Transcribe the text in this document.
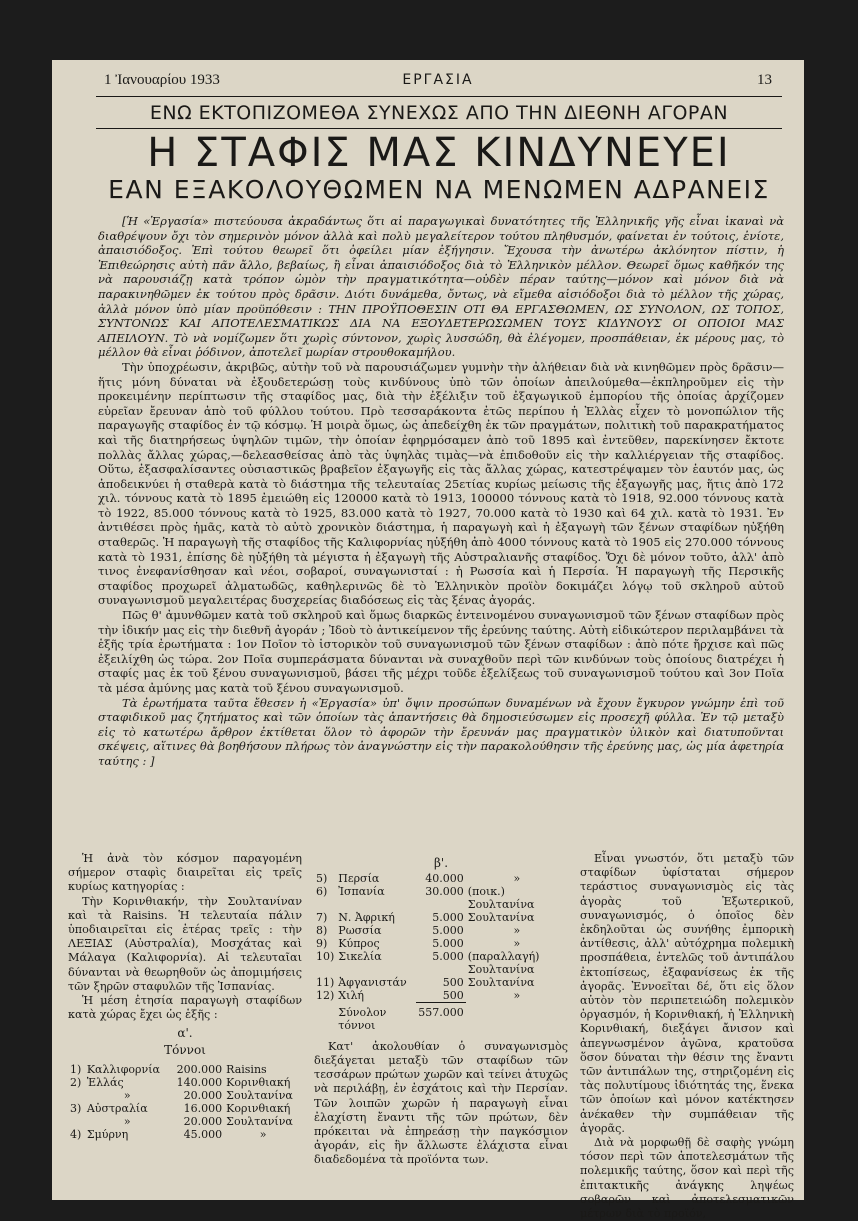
1 Ἰανουαρίου 1933	ΕΡΓΑΣΙΑ	13
ΕΝΩ ΕΚΤΟΠΙΖΟΜΕΘΑ ΣΥΝΕΧΩΣ ΑΠΟ ΤΗΝ ΔΙΕΘΝΗ ΑΓΟΡΑΝ
Η ΣΤΑΦΙΣ ΜΑΣ ΚΙΝΔΥΝΕΥΕΙ
ΕΑΝ ΕΞΑΚΟΛΟΥΘΩΜΕΝ ΝΑ ΜΕΝΩΜΕΝ ΑΔΡΑΝΕΙΣ

[Ἡ «Ἐργασία» πιστεύουσα ἀκραδάντως ὅτι αἱ παραγωγικαὶ δυνατότητες τῆς Ἑλληνικῆς γῆς εἶναι ἱκαναὶ νὰ διαθρέψουν ὄχι τὸν σημερινὸν μόνον ἀλλὰ καὶ πολὺ μεγαλείτερον τούτου πληθυσμόν, φαίνεται ἐν τούτοις, ἐνίοτε, ἀπαισιόδοξος. Ἐπὶ τούτου θεωρεῖ ὅτι ὀφείλει μίαν ἐξήγησιν. Ἔχουσα τὴν ἀνωτέρω ἀκλόνητον πίστιν, ἡ Ἐπιθεώρησις αὐτὴ πᾶν ἄλλο, βεβαίως, ἢ εἶναι ἀπαισιόδοξος διὰ τὸ Ἑλληνικὸν μέλλον. Θεωρεῖ ὅμως καθῆκόν της νὰ παρουσιάζῃ κατὰ τρόπον ὠμὸν τὴν πραγματικότητα—οὐδὲν πέραν ταύτης—μόνον καὶ μόνον διὰ νὰ παρακινηθῶμεν ἐκ τούτου πρὸς δρᾶσιν. Διότι δυνάμεθα, ὄντως, νὰ εἴμεθα αἰσιόδοξοι διὰ τὸ μέλλον τῆς χώρας, ἀλλὰ μόνον ὑπὸ μίαν προϋπόθεσιν : ΤΗΝ ΠΡΟΫΠΟΘΕΣΙΝ ΟΤΙ ΘΑ ΕΡΓΑΣΘΩΜΕΝ, ΩΣ ΣΥΝΟΛΟΝ, ΩΣ ΤΟΠΟΣ, ΣΥΝΤΟΝΩΣ ΚΑΙ ΑΠΟΤΕΛΕΣΜΑΤΙΚΩΣ ΔΙΑ ΝΑ ΕΞΟΥΔΕΤΕΡΩΣΩΜΕΝ ΤΟΥΣ ΚΙΔΥΝΟΥΣ ΟΙ ΟΠΟΙΟΙ ΜΑΣ ΑΠΕΙΛΟΥΝ. Τὸ νὰ νομίζωμεν ὅτι χωρὶς σύντονον, χωρὶς λυσσώδη, θὰ ἐλέγομεν, προσπάθειαν, ἐκ μέρους μας, τὸ μέλλον θὰ εἶναι ῥόδινον, ἀποτελεῖ μωρίαν στρουθοκαμήλου.

Τὴν ὑποχρέωσιν, ἀκριβῶς, αὐτὴν τοῦ νὰ παρουσιάζωμεν γυμνὴν τὴν ἀλήθειαν διὰ νὰ κινηθῶμεν πρὸς δρᾶσιν—ἥτις μόνη δύναται νὰ ἐξουδετερώσῃ τοὺς κινδύνους ὑπὸ τῶν ὁποίων ἀπειλούμεθα—ἐκπληροῦμεν εἰς τὴν προκειμένην περίπτωσιν τῆς σταφίδος μας, διὰ τὴν ἐξέλιξιν τοῦ ἐξαγωγικοῦ ἐμπορίου τῆς ὁποίας ἀρχίζομεν εὐρεῖαν ἔρευναν ἀπὸ τοῦ φύλλου τούτου. Πρὸ τεσσαράκοντα ἐτῶς περίπου ἡ Ἑλλὰς εἶχεν τὸ μονοπώλιον τῆς παραγωγῆς σταφίδος ἐν τῷ κόσμῳ. Ἡ μοιρὰ ὅμως, ὡς ἀπεδείχθη ἐκ τῶν πραγμάτων, πολιτικὴ τοῦ παρακρατήματος καὶ τῆς διατηρήσεως ὑψηλῶν τιμῶν, τὴν ὁποίαν ἐφηρμόσαμεν ἀπὸ τοῦ 1895 καὶ ἐντεῦθεν, παρεκίνησεν ἔκτοτε πολλὰς ἄλλας χώρας,—δελεασθείσας ἀπὸ τὰς ὑψηλὰς τιμὰς—νὰ ἐπιδοθοῦν εἰς τὴν καλλιέργειαν τῆς σταφίδος. Οὕτω, ἐξασφαλίσαντες οὐσιαστικῶς βραβεῖον ἐξαγωγῆς εἰς τὰς ἄλλας χώρας, κατεστρέψαμεν τὸν ἑαυτόν μας, ὡς ἀποδεικνύει ἡ σταθερὰ κατὰ τὸ διάστημα τῆς τελευταίας 25ετίας κυρίως μείωσις τῆς ἐξαγωγῆς μας, ἥτις ἀπὸ 172 χιλ. τόννους κατὰ τὸ 1895 ἐμειώθη εἰς 120000 κατὰ τὸ 1913, 100000 τόννους κατὰ τὸ 1918, 92.000 τόννους κατὰ τὸ 1922, 85.000 τόννους κατὰ τὸ 1925, 83.000 κατὰ τὸ 1927, 70.000 κατὰ τὸ 1930 καὶ 64 χιλ. κατὰ τὸ 1931. Ἐν ἀντιθέσει πρὸς ἡμᾶς, κατὰ τὸ αὐτὸ χρονικὸν διάστημα, ἡ παραγωγὴ καὶ ἡ ἐξαγωγὴ τῶν ξένων σταφίδων ηὐξήθη σταθερῶς. Ἡ παραγωγὴ τῆς σταφίδος τῆς Καλιφορνίας ηὐξήθη ἀπὸ 4000 τόννους κατὰ τὸ 1905 εἰς 270.000 τόννους κατὰ τὸ 1931, ἐπίσης δὲ ηὐξήθη τὰ μέγιστα ἡ ἐξαγωγὴ τῆς Αὐστραλιανῆς σταφίδος. Ὄχι δὲ μόνον τοῦτο, ἀλλ' ἀπὸ τινος ἐνεφανίσθησαν καὶ νέοι, σοβαροί, συναγωνισταί : ἡ Ρωσσία καὶ ἡ Περσία. Ἡ παραγωγὴ τῆς Περσικῆς σταφίδος προχωρεῖ ἀλματωδῶς, καθηλερινῶς δὲ τὸ Ἑλληνικὸν προϊὸν δοκιμάζει λόγῳ τοῦ σκληροῦ αὐτοῦ συναγωνισμοῦ μεγαλειτέρας δυσχερείας διαδόσεως εἰς τὰς ξένας ἀγοράς.

Πῶς θ' ἀμυνθῶμεν κατὰ τοῦ σκληροῦ καὶ ὅμως διαρκῶς ἐντεινομένου συναγωνισμοῦ τῶν ξένων σταφίδων πρὸς τὴν ἰδικήν μας εἰς τὴν διεθνῆ ἀγοράν ; Ἰδοὺ τὸ ἀντικείμενον τῆς ἐρεύνης ταύτης. Αὐτὴ εἰδικώτερον περιλαμβάνει τὰ ἑξῆς τρία ἐρωτήματα : 1ον Ποῖον τὸ ἱστορικὸν τοῦ συναγωνισμοῦ τῶν ξένων σταφίδων : ἀπὸ πότε ἤρχισε καὶ πῶς ἐξειλίχθη ὡς τώρα. 2ον Ποῖα συμπεράσματα δύνανται νὰ συναχθοῦν περὶ τῶν κινδύνων τοὺς ὁποίους διατρέχει ἡ σταφίς μας ἐκ τοῦ ξένου συναγωνισμοῦ, βάσει τῆς μέχρι τοῦδε ἐξελίξεως τοῦ συναγωνισμοῦ τούτου καὶ 3ον Ποῖα τὰ μέσα ἀμύνης μας κατὰ τοῦ ξένου συναγωνισμοῦ.

Τὰ ἐρωτήματα ταῦτα ἔθεσεν ἡ «Ἐργασία» ὑπ' ὄψιν προσώπων δυναμένων νὰ ἔχουν ἔγκυρον γνώμην ἐπὶ τοῦ σταφιδικοῦ μας ζητήματος καὶ τῶν ὁποίων τὰς ἀπαντήσεις θὰ δημοσιεύσωμεν εἰς προσεχῆ φύλλα. Ἐν τῷ μεταξὺ εἰς τὸ κατωτέρω ἄρθρον ἐκτίθεται ὅλον τὸ ἀφορῶν τὴν ἔρευνάν μας πραγματικὸν ὑλικὸν καὶ διατυποῦνται σκέψεις, αἵτινες θὰ βοηθήσουν πλήρως τὸν ἀναγνώστην εἰς τὴν παρακολούθησιν τῆς ἐρεύνης μας, ὡς μία ἀφετηρία ταύτης : ]

Ἡ ἀνὰ τὸν κόσμον παραγομένη σήμερον σταφὶς διαιρεῖται εἰς τρεῖς κυρίως κατηγορίας :

Τὴν Κορινθιακήν, τὴν Σουλτανίναν καὶ τὰ Raisins. Ἡ τελευταία πάλιν ὑποδιαιρεῖται εἰς ἑτέρας τρεῖς : τὴν ΛΕΞΙΑΣ (Αὐστραλία), Μοσχάτας καὶ Μάλαγα (Καλιφορνία). Αἱ τελευταῖαι δύνανται νὰ θεωρηθοῦν ὡς ἀπομιμήσεις τῶν ξηρῶν σταφυλῶν τῆς Ἰσπανίας.

Ἡ μέση ἐτησία παραγωγὴ σταφίδων κατὰ χώρας ἔχει ὡς ἑξῆς :

α'.
Τόννοι
1)	Καλλιφορνία	200.000	Raisins
2)	Ἑλλάς	140.000	Κορινθιακή
	»	20.000	Σουλτανίνα
3)	Αὐστραλία	16.000	Κορινθιακή
	»	20.000	Σουλτανίνα
4)	Σμύρνη	45.000	»
β'.
5)	Περσία	40.000	»
6)	Ἰσπανία	30.000	(ποικ.) Σουλτανίνα
7)	Ν. Ἀφρική	5.000	Σουλτανίνα
8)	Ρωσσία	5.000	»
9)	Κύπρος	5.000	»
10)	Σικελία	5.000	(παραλλαγή) Σουλτανίνα
11)	Ἀφγανιστάν	500	Σουλτανίνα
12)	Χιλή	500	»
	Σύνολον τόννοι	557.000	

Κατ' ἀκολουθίαν ὁ συναγωνισμὸς διεξάγεται μεταξὺ τῶν σταφίδων τῶν τεσσάρων πρώτων χωρῶν καὶ τείνει ἀτυχῶς νὰ περιλάβῃ, ἐν ἐσχάτοις καὶ τὴν Περσίαν. Τῶν λοιπῶν χωρῶν ἡ παραγωγὴ εἶναι ἐλαχίστη ἔναντι τῆς τῶν πρώτων, δὲν πρόκειται νὰ ἐπηρεάσῃ τὴν παγκόσμιον ἀγοράν, εἰς ἣν ἄλλωστε ἐλάχιστα εἶναι διαδεδομένα τὰ προϊόντα των.

Εἶναι γνωστόν, ὅτι μεταξὺ τῶν σταφίδων ὑφίσταται σήμερον τεράστιος συναγωνισμὸς εἰς τὰς ἀγορὰς τοῦ Ἐξωτερικοῦ, συναγωνισμός, ὁ ὁποῖος δὲν ἐκδηλοῦται ὡς συνήθης ἐμπορικὴ ἀντίθεσις, ἀλλ' αὐτόχρημα πολεμικὴ προσπάθεια, ἐντελῶς τοῦ ἀντιπάλου ἐκτοπίσεως, ἐξαφανίσεως ἐκ τῆς ἀγορᾶς. Ἐννοεῖται δέ, ὅτι εἰς ὅλον αὐτὸν τὸν περιπετειώδη πολεμικὸν ὀργασμόν, ἡ Κορινθιακή, ἡ Ἑλληνικὴ Κορινθιακή, διεξάγει ἄνισον καὶ ἀπεγνωσμένον ἀγῶνα, κρατοῦσα ὅσον δύναται τὴν θέσιν της ἔναντι τῶν ἀντιπάλων της, στηριζομένη εἰς τὰς πολυτίμους ἰδιότητάς της, ἕνεκα τῶν ὁποίων καὶ μόνον κατέκτησεν ἀνέκαθεν τὴν συμπάθειαν τῆς ἀγορᾶς.

Διὰ νὰ μορφωθῇ δὲ σαφὴς γνώμη τόσον περὶ τῶν ἀποτελεσμάτων τῆς πολεμικῆς ταύτης, ὅσον καὶ περὶ τῆς ἐπιτακτικῆς ἀνάγκης ληψέως σοβαρῶν καὶ ἀποτελεσματικῶν μέτρων διὰ τὸ προϊόν,
